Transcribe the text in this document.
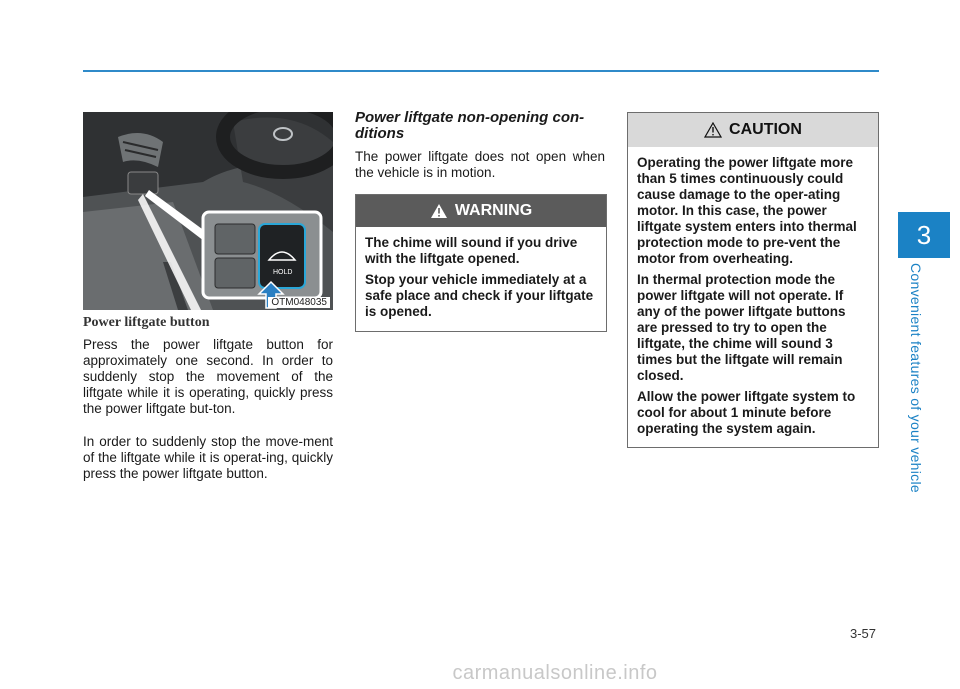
3
Convenient features of your vehicle
HOLD
OTM048035
Power liftgate button

Press the power liftgate button for approximately one second. In order to suddenly stop the movement of the liftgate while it is operating, quickly press the power liftgate but-ton.

In order to suddenly stop the move-ment of the liftgate while it is operat-ing, quickly press the power liftgate button.

Power liftgate non-opening con-ditions

The power liftgate does not open when the vehicle is in motion.

WARNING

The chime will sound if you drive with the liftgate opened.

Stop your vehicle immediately at a safe place and check if your liftgate is opened.

CAUTION

Operating the power liftgate more than 5 times continuously could cause damage to the oper-ating motor. In this case, the power liftgate system enters into thermal protection mode to pre-vent the motor from overheating.

In thermal protection mode the power liftgate will not operate. If any of the power liftgate buttons are pressed to try to open the liftgate, the chime will sound 3 times but the liftgate will remain closed.

Allow the power liftgate system to cool for about 1 minute before operating the system again.

3-57
carmanualsonline.info
